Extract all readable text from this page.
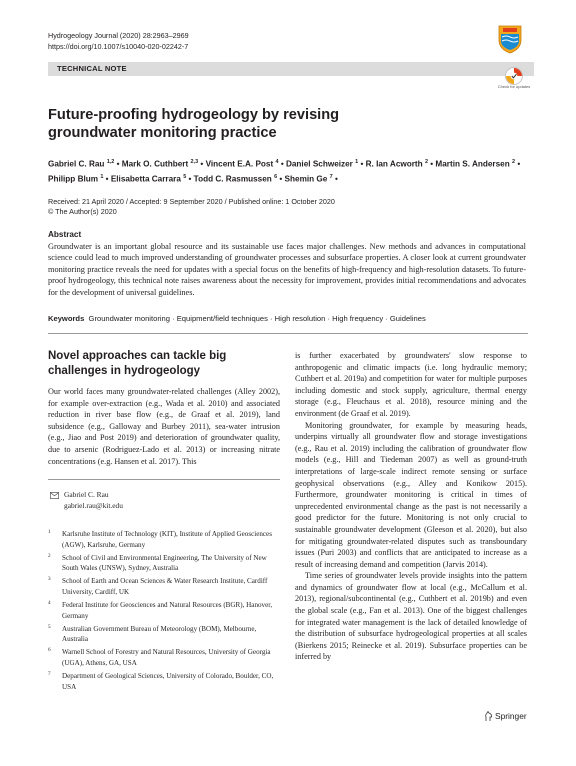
Hydrogeology Journal (2020) 28:2963–2969
https://doi.org/10.1007/s10040-020-02242-7
TECHNICAL NOTE
Check for updates
Future-proofing hydrogeology by revising groundwater monitoring practice
Gabriel C. Rau $^{1,2}$ • Mark O. Cuthbert $^{2,3}$ • Vincent E.A. Post $^4$ • Daniel Schweizer $^1$ • R. Ian Acworth $^2$ • Martin S. Andersen $^2$ • Philipp Blum $^1$ • Elisabetta Carrara $^5$ • Todd C. Rasmussen $^6$ • Shemin Ge $^7$ •
Received: 21 April 2020 / Accepted: 9 September 2020 / Published online: 1 October 2020
© The Author(s) 2020
Abstract
Groundwater is an important global resource and its sustainable use faces major challenges. New methods and advances in computational science could lead to much improved understanding of groundwater processes and subsurface properties. A closer look at current groundwater monitoring practice reveals the need for updates with a special focus on the benefits of high-frequency and high-resolution datasets. To future-proof hydrogeology, this technical note raises awareness about the necessity for improvement, provides initial recommendations and advocates for the development of universal guidelines.
Keywords Groundwater monitoring · Equipment/field techniques · High resolution · High frequency · Guidelines
Novel approaches can tackle big challenges in hydrogeology
Our world faces many groundwater-related challenges (Alley 2002), for example over-extraction (e.g., Wada et al. 2010) and associated reduction in river base flow (e.g., de Graaf et al. 2019), land subsidence (e.g., Galloway and Burbey 2011), sea-water intrusion (e.g., Jiao and Post 2019) and deterioration of groundwater quality, due to arsenic (Rodriguez-Lado et al. 2013) or increasing nitrate concentrations (e.g. Hansen et al. 2017). This
Gabriel C. Rau
gabriel.rau@kit.edu
1 Karlsruhe Institute of Technology (KIT), Institute of Applied Geosciences (AGW), Karlsruhe, Germany
2 School of Civil and Environmental Engineering, The University of New South Wales (UNSW), Sydney, Australia
3 School of Earth and Ocean Sciences & Water Research Institute, Cardiff University, Cardiff, UK
4 Federal Institute for Geosciences and Natural Resources (BGR), Hanover, Germany
5 Australian Government Bureau of Meteorology (BOM), Melbourne, Australia
6 Warnell School of Forestry and Natural Resources, University of Georgia (UGA), Athens, GA, USA
7 Department of Geological Sciences, University of Colorado, Boulder, CO, USA

is further exacerbated by groundwaters' slow response to anthropogenic and climatic impacts (i.e. long hydraulic memory; Cuthbert et al. 2019a) and competition for water for multiple purposes including domestic and stock supply, agriculture, thermal energy storage (e.g., Fleuchaus et al. 2018), resource mining and the environment (de Graaf et al. 2019).

Monitoring groundwater, for example by measuring heads, underpins virtually all groundwater flow and storage investigations (e.g., Rau et al. 2019) including the calibration of groundwater flow models (e.g., Hill and Tiedeman 2007) as well as ground-truth interpretations of large-scale indirect remote sensing or surface geophysical observations (e.g., Alley and Konikow 2015). Furthermore, groundwater monitoring is critical in times of unprecedented environmental change as the past is not necessarily a good predictor for the future. Monitoring is not only crucial to sustainable groundwater development (Gleeson et al. 2020), but also for mitigating groundwater-related disputes such as transboundary issues (Puri 2003) and conflicts that are anticipated to increase as a result of increasing demand and competition (Jarvis 2014).

Time series of groundwater levels provide insights into the pattern and dynamics of groundwater flow at local (e.g., McCallum et al. 2013), regional/subcontinental (e.g., Cuthbert et al. 2019b) and even the global scale (e.g., Fan et al. 2013). One of the biggest challenges for integrated water management is the lack of detailed knowledge of the distribution of subsurface hydrogeological properties at all scales (Bierkens 2015; Reinecke et al. 2019). Subsurface properties can be inferred by

Springer
